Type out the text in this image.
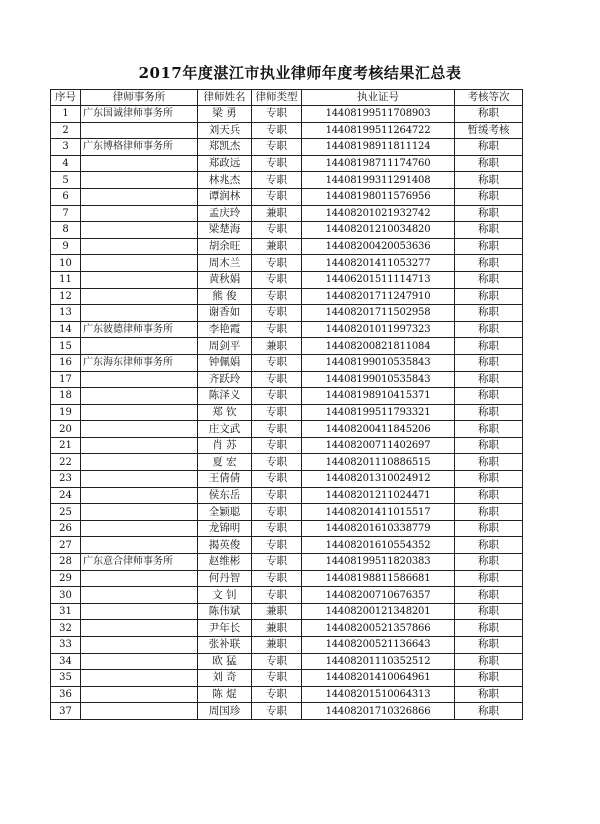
2017年度湛江市执业律师年度考核结果汇总表
序号	律师事务所	律师姓名	律师类型	执业证号	考核等次
1	广东国诚律师事务所	梁 勇	专职	14408199511708903	称职
2		刘天兵	专职	14408199511264722	暂缓考核
3	广东博格律师事务所	郑凯杰	专职	14408198911811124	称职
4		郑政远	专职	14408198711174760	称职
5		林兆杰	专职	14408199311291408	称职
6		谭润林	专职	14408198011576956	称职
7		孟庆玲	兼职	14408201021932742	称职
8		梁楚海	专职	14408201210034820	称职
9		胡余旺	兼职	14408200420053636	称职
10		周木兰	专职	14408201411053277	称职
11		黄秋娟	专职	14406201511114713	称职
12		熊 俊	专职	14408201711247910	称职
13		谢香如	专职	14408201711502958	称职
14	广东彼德律师事务所	李艳霞	专职	14408201011997323	称职
15		周剑平	兼职	14408200821811084	称职
16	广东海东律师事务所	钟佩娟	专职	14408199010535843	称职
17		齐跃玲	专职	14408199010535843	称职
18		陈泽义	专职	14408198910415371	称职
19		郑 钦	专职	14408199511793321	称职
20		庄文武	专职	14408200411845206	称职
21		肖 苏	专职	14408200711402697	称职
22		夏 宏	专职	14408201110886515	称职
23		王倩倩	专职	14408201310024912	称职
24		侯东岳	专职	14408201211024471	称职
25		全颖聪	专职	14408201411015517	称职
26		龙锦明	专职	14408201610338779	称职
27		揭英俊	专职	14408201610554352	称职
28	广东意合律师事务所	赵维彬	专职	14408199511820383	称职
29		何丹智	专职	14408198811586681	称职
30		文 钊	专职	14408200710676357	称职
31		陈伟斌	兼职	14408200121348201	称职
32		尹年长	兼职	14408200521357866	称职
33		张补联	兼职	14408200521136643	称职
34		欧 猛	专职	14408201110352512	称职
35		刘 奇	专职	14408201410064961	称职
36		陈 焜	专职	14408201510064313	称职
37		周国珍	专职	14408201710326866	称职
